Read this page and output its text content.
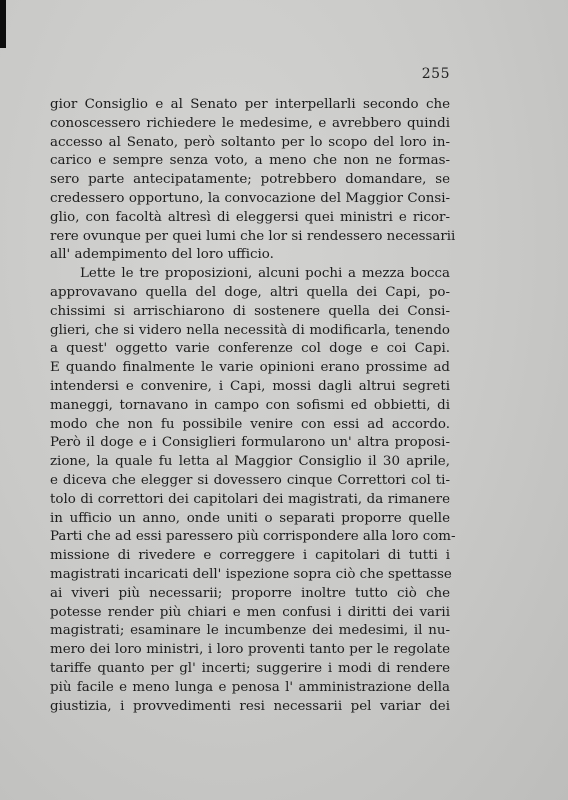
255
gior Consiglio e al Senato per interpellarli secondo che
conoscessero richiedere le medesime, e avrebbero quindi
accesso al Senato, però soltanto per lo scopo del loro in-
carico e sempre senza voto, a meno che non ne formas-
sero parte antecipatamente; potrebbero domandare, se
credessero opportuno, la convocazione del Maggior Consi-
glio, con facoltà altresì di eleggersi quei ministri e ricor-
rere ovunque per quei lumi che lor si rendessero necessarii
all' adempimento del loro ufficio.
Lette le tre proposizioni, alcuni pochi a mezza bocca
approvavano quella del doge, altri quella dei Capi, po-
chissimi si arrischiarono di sostenere quella dei Consi-
glieri, che si videro nella necessità di modificarla, tenendo
a quest' oggetto varie conferenze col doge e coi Capi.
E quando finalmente le varie opinioni erano prossime ad
intendersi e convenire, i Capi, mossi dagli altrui segreti
maneggi, tornavano in campo con sofismi ed obbietti, di
modo che non fu possibile venire con essi ad accordo.
Però il doge e i Consiglieri formularono un' altra proposi-
zione, la quale fu letta al Maggior Consiglio il 30 aprile,
e diceva che elegger si dovessero cinque Correttori col ti-
tolo di correttori dei capitolari dei magistrati, da rimanere
in ufficio un anno, onde uniti o separati proporre quelle
Parti che ad essi paressero più corrispondere alla loro com-
missione di rivedere e correggere i capitolari di tutti i
magistrati incaricati dell' ispezione sopra ciò che spettasse
ai viveri più necessarii; proporre inoltre tutto ciò che
potesse render più chiari e men confusi i diritti dei varii
magistrati; esaminare le incumbenze dei medesimi, il nu-
mero dei loro ministri, i loro proventi tanto per le regolate
tariffe quanto per gl' incerti; suggerire i modi di rendere
più facile e meno lunga e penosa l' amministrazione della
giustizia, i provvedimenti resi necessarii pel variar dei
